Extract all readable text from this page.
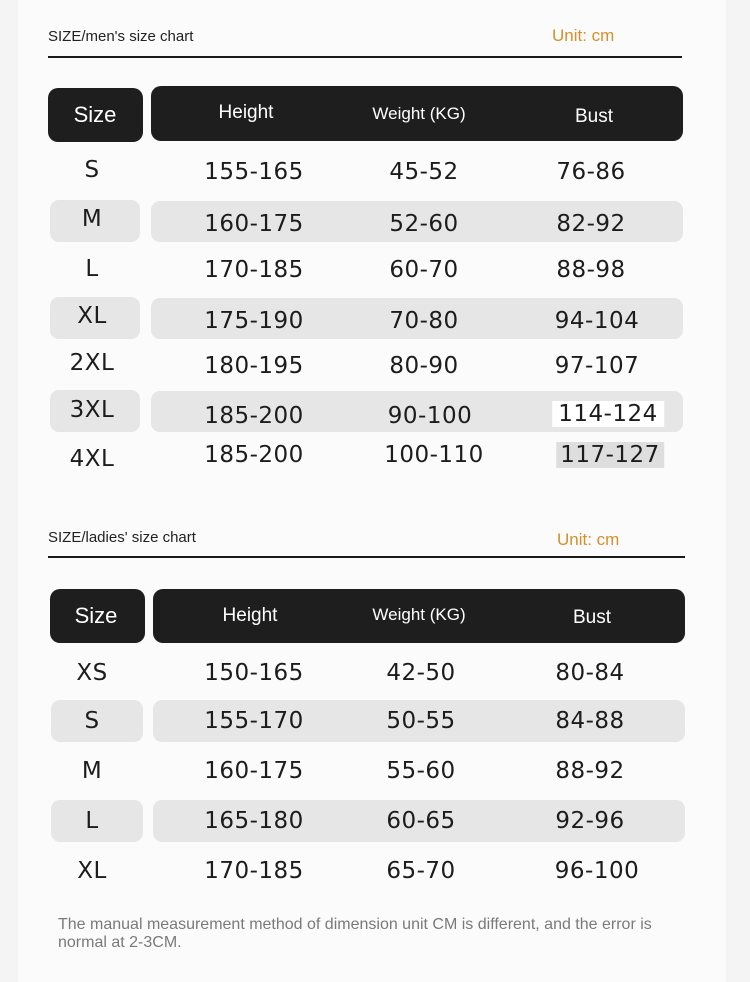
SIZE/men's size chart	Unit: cm
Size	Height	Weight (KG)	Bust
S	155-165	45-52	76-86
M	160-175	52-60	82-92
L	170-185	60-70	88-98
XL	175-190	70-80	94-104
2XL	180-195	80-90	97-107
3XL	185-200	90-100	114-124
4XL	185-200	100-110	117-127
SIZE/ladies' size chart	Unit: cm
Size	Height	Weight (KG)	Bust
XS	150-165	42-50	80-84
S	155-170	50-55	84-88
M	160-175	55-60	88-92
L	165-180	60-65	92-96
XL	170-185	65-70	96-100
The manual measurement method of dimension unit CM is different, and the error is normal at 2-3CM.
